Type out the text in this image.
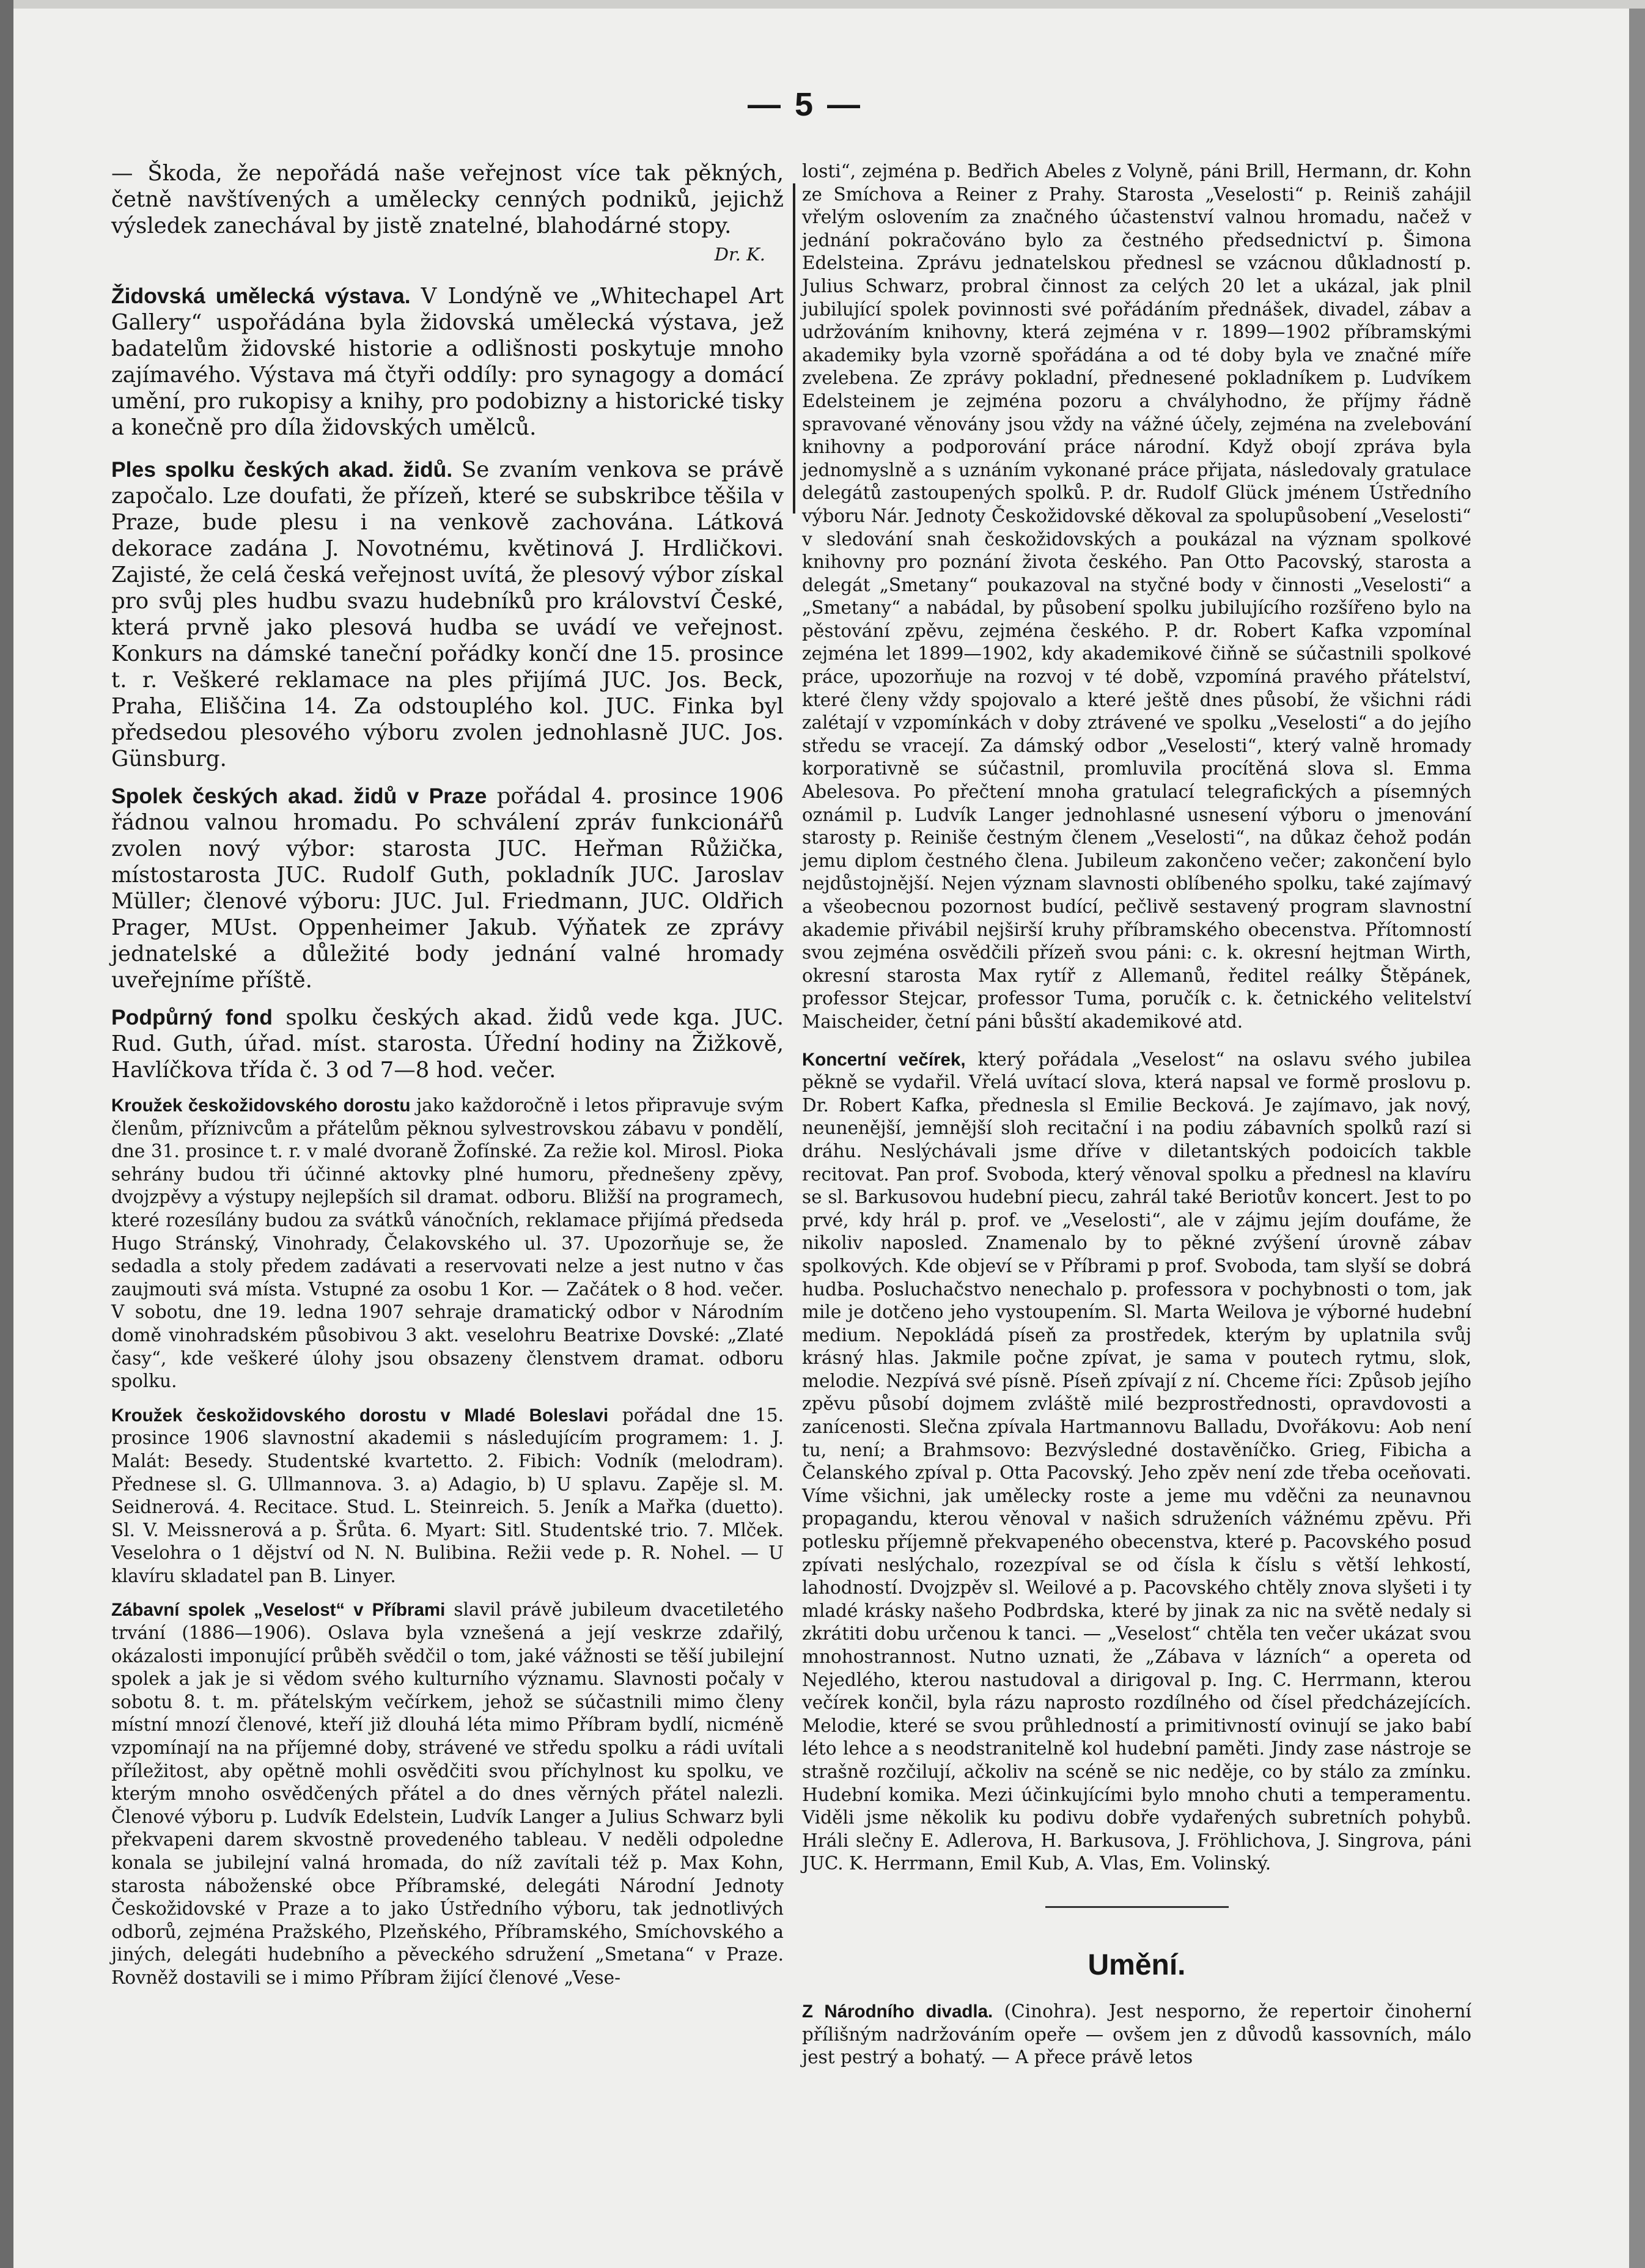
— 5 —

— Škoda, že nepořádá naše veřejnost více tak pěkných, četně navštívených a umělecky cenných podniků, jejichž výsledek zanechával by jistě znatelné, blahodárné stopy.

Dr. K.

Židovská umělecká výstava. V Londýně ve „Whitechapel Art Gallery“ uspořádána byla židovská umělecká výstava, jež badatelům židovské historie a odlišnosti poskytuje mnoho zajímavého. Výstava má čtyři oddíly: pro synagogy a domácí umění, pro rukopisy a knihy, pro podobizny a historické tisky a konečně pro díla židovských umělců.

Ples spolku českých akad. židů. Se zvaním venkova se právě započalo. Lze doufati, že přízeň, které se subskribce těšila v Praze, bude plesu i na venkově zachována. Látková dekorace zadána J. Novotnému, květinová J. Hrdličkovi. Zajisté, že celá česká veřejnost uvítá, že plesový výbor získal pro svůj ples hudbu svazu hudebníků pro království České, která prvně jako plesová hudba se uvádí ve veřejnost. Konkurs na dámské taneční pořádky končí dne 15. prosince t. r. Veškeré reklamace na ples přijímá JUC. Jos. Beck, Praha, Eliščina 14. Za odstouplého kol. JUC. Finka byl předsedou plesového výboru zvolen jednohlasně JUC. Jos. Günsburg.

Spolek českých akad. židů v Praze pořádal 4. prosince 1906 řádnou valnou hromadu. Po schválení zpráv funkcionářů zvolen nový výbor: starosta JUC. Heřman Růžička, místostarosta JUC. Rudolf Guth, pokladník JUC. Jaroslav Müller; členové výboru: JUC. Jul. Friedmann, JUC. Oldřich Prager, MUst. Oppenheimer Jakub. Výňatek ze zprávy jednatelské a důležité body jednání valné hromady uveřejníme příště.

Podpůrný fond spolku českých akad. židů vede kga. JUC. Rud. Guth, úřad. míst. starosta. Úřední hodiny na Žižkově, Havlíčkova třída č. 3 od 7—8 hod. večer.

Kroužek českožidovského dorostu jako každoročně i letos připravuje svým členům, příznivcům a přátelům pěknou sylvestrovskou zábavu v pondělí, dne 31. prosince t. r. v malé dvoraně Žofínské. Za režie kol. Mirosl. Pioka sehrány budou tři účinné aktovky plné humoru, přednešeny zpěvy, dvojzpěvy a výstupy nejlepších sil dramat. odboru. Bližší na programech, které rozesílány budou za svátků vánočních, reklamace přijímá předseda Hugo Stránský, Vinohrady, Čelakovského ul. 37. Upozorňuje se, že sedadla a stoly předem zadávati a reservovati nelze a jest nutno v čas zaujmouti svá místa. Vstupné za osobu 1 Kor. — Začátek o 8 hod. večer. V sobotu, dne 19. ledna 1907 sehraje dramatický odbor v Národním domě vinohradském působivou 3 akt. veselohru Beatrixe Dovské: „Zlaté časy“, kde veškeré úlohy jsou obsazeny členstvem dramat. odboru spolku.

Kroužek českožidovského dorostu v Mladé Boleslavi pořádal dne 15. prosince 1906 slavnostní akademii s následujícím programem: 1. J. Malát: Besedy. Studentské kvartetto. 2. Fibich: Vodník (melodram). Přednese sl. G. Ullmannova. 3. a) Adagio, b) U splavu. Zapěje sl. M. Seidnerová. 4. Recitace. Stud. L. Steinreich. 5. Jeník a Mařka (duetto). Sl. V. Meissnerová a p. Šrůta. 6. Myart: Sitl. Studentské trio. 7. Mlček. Veselohra o 1 dějství od N. N. Bulibina. Režii vede p. R. Nohel. — U klavíru skladatel pan B. Linyer.

Zábavní spolek „Veselost“ v Příbrami slavil právě jubileum dvacetiletého trvání (1886—1906). Oslava byla vznešená a její veskrze zdařilý, okázalosti imponující průběh svědčil o tom, jaké vážnosti se těší jubilejní spolek a jak je si vědom svého kulturního významu. Slavnosti počaly v sobotu 8. t. m. přátelským večírkem, jehož se súčastnili mimo členy místní mnozí členové, kteří již dlouhá léta mimo Příbram bydlí, nicméně vzpomínají na na příjemné doby, strávené ve středu spolku a rádi uvítali příležitost, aby opětně mohli osvědčiti svou příchylnost ku spolku, ve kterým mnoho osvědčených přátel a do dnes věrných přátel nalezli. Členové výboru p. Ludvík Edelstein, Ludvík Langer a Julius Schwarz byli překvapeni darem skvostně provedeného tableau. V neděli odpoledne konala se jubilejní valná hromada, do níž zavítali též p. Max Kohn, starosta náboženské obce Příbramské, delegáti Národní Jednoty Českožidovské v Praze a to jako Ústředního výboru, tak jednotlivých odborů, zejména Pražského, Plzeňského, Příbramského, Smíchovského a jiných, delegáti hudebního a pěveckého sdružení „Smetana“ v Praze. Rovněž dostavili se i mimo Příbram žijící členové „Vese-

losti“, zejména p. Bedřich Abeles z Volyně, páni Brill, Hermann, dr. Kohn ze Smíchova a Reiner z Prahy. Starosta „Veselosti“ p. Reiniš zahájil vřelým oslovením za značného účastenství valnou hromadu, načež v jednání pokračováno bylo za čestného předsednictví p. Šimona Edelsteina. Zprávu jednatelskou přednesl se vzácnou důkladností p. Julius Schwarz, probral činnost za celých 20 let a ukázal, jak plnil jubilující spolek povinnosti své pořádáním přednášek, divadel, zábav a udržováním knihovny, která zejména v r. 1899—1902 příbramskými akademiky byla vzorně spořádána a od té doby byla ve značné míře zvelebena. Ze zprávy pokladní, přednesené pokladníkem p. Ludvíkem Edelsteinem je zejména pozoru a chvályhodno, že příjmy řádně spravované věnovány jsou vždy na vážné účely, zejména na zvelebování knihovny a podporování práce národní. Když obojí zpráva byla jednomyslně a s uznáním vykonané práce přijata, následovaly gratulace delegátů zastoupených spolků. P. dr. Rudolf Glück jménem Ústředního výboru Nár. Jednoty Českožidovské děkoval za spolupůsobení „Veselosti“ v sledování snah českožidovských a poukázal na význam spolkové knihovny pro poznání života českého. Pan Otto Pacovský, starosta a delegát „Smetany“ poukazoval na styčné body v činnosti „Veselosti“ a „Smetany“ a nabádal, by působení spolku jubilujícího rozšířeno bylo na pěstování zpěvu, zejména českého. P. dr. Robert Kafka vzpomínal zejména let 1899—1902, kdy akademikové čiňně se súčastnili spolkové práce, upozorňuje na rozvoj v té době, vzpomíná pravého přátelství, které členy vždy spojovalo a které ještě dnes působí, že všichni rádi zalétají v vzpomínkách v doby ztrávené ve spolku „Veselosti“ a do jejího středu se vracejí. Za dámský odbor „Veselosti“, který valně hromady korporativně se súčastnil, promluvila procítěná slova sl. Emma Abelesova. Po přečtení mnoha gratulací telegrafických a písemných oznámil p. Ludvík Langer jednohlasné usnesení výboru o jmenování starosty p. Reiniše čestným členem „Veselosti“, na důkaz čehož podán jemu diplom čestného člena. Jubileum zakončeno večer; zakončení bylo nejdůstojnější. Nejen význam slavnosti oblíbeného spolku, také zajímavý a všeobecnou pozornost budící, pečlivě sestavený program slavnostní akademie přivábil nejširší kruhy příbramského obecenstva. Přítomností svou zejména osvědčili přízeň svou páni: c. k. okresní hejtman Wirth, okresní starosta Max rytíř z Allemanů, ředitel reálky Štěpánek, professor Stejcar, professor Tuma, poručík c. k. četnického velitelství Maischeider, četní páni bůsští akademikové atd.

Koncertní večírek, který pořádala „Veselost“ na oslavu svého jubilea pěkně se vydařil. Vřelá uvítací slova, která napsal ve formě proslovu p. Dr. Robert Kafka, přednesla sl Emilie Becková. Je zajímavo, jak nový, neunenější, jemnější sloh recitační i na podiu zábavních spolků razí si dráhu. Neslýchávali jsme dříve v diletantských podoicích takble recitovat. Pan prof. Svoboda, který věnoval spolku a přednesl na klavíru se sl. Barkusovou hudební piecu, zahrál také Beriotův koncert. Jest to po prvé, kdy hrál p. prof. ve „Veselosti“, ale v zájmu jejím doufáme, že nikoliv naposled. Znamenalo by to pěkné zvýšení úrovně zábav spolkových. Kde objeví se v Příbrami p prof. Svoboda, tam slyší se dobrá hudba. Posluchačstvo nenechalo p. professora v pochybnosti o tom, jak mile je dotčeno jeho vystoupením. Sl. Marta Weilova je výborné hudební medium. Nepokládá píseň za prostředek, kterým by uplatnila svůj krásný hlas. Jakmile počne zpívat, je sama v poutech rytmu, slok, melodie. Nezpívá své písně. Píseň zpívají z ní. Chceme říci: Způsob jejího zpěvu působí dojmem zvláště milé bezprostřednosti, opravdovosti a zanícenosti. Slečna zpívala Hartmannovu Balladu, Dvořákovu: Aob není tu, není; a Brahmsovo: Bezvýsledné dostavěníčko. Grieg, Fibicha a Čelanského zpíval p. Otta Pacovský. Jeho zpěv není zde třeba oceňovati. Víme všichni, jak umělecky roste a jeme mu vděčni za neunavnou propagandu, kterou věnoval v našich sdruženích vážnému zpěvu. Při potlesku příjemně překvapeného obecenstva, které p. Pacovského posud zpívati neslýchalo, rozezpíval se od čísla k číslu s větší lehkostí, lahodností. Dvojzpěv sl. Weilové a p. Pacovského chtěly znova slyšeti i ty mladé krásky našeho Podbrdska, které by jinak za nic na světě nedaly si zkrátiti dobu určenou k tanci. — „Veselost“ chtěla ten večer ukázat svou mnohostrannost. Nutno uznati, že „Zábava v lázních“ a opereta od Nejedlého, kterou nastudoval a dirigoval p. Ing. C. Herrmann, kterou večírek končil, byla rázu naprosto rozdílného od čísel předcházejících. Melodie, které se svou průhledností a primitivností ovinují se jako babí léto lehce a s neodstranitelně kol hudební paměti. Jindy zase nástroje se strašně rozčilují, ačkoliv na scéně se nic neděje, co by stálo za zmínku. Hudební komika. Mezi účinkujícími bylo mnoho chuti a temperamentu. Viděli jsme několik ku podivu dobře vydařených subretních pohybů. Hráli slečny E. Adlerova, H. Barkusova, J. Fröhlichova, J. Singrova, páni JUC. K. Herrmann, Emil Kub, A. Vlas, Em. Volinský.

Umění.

Z Národního divadla. (Cinohra). Jest nesporno, že repertoir činoherní přílišným nadržováním opeře — ovšem jen z důvodů kassovních, málo jest pestrý a bohatý. — A přece právě letos
